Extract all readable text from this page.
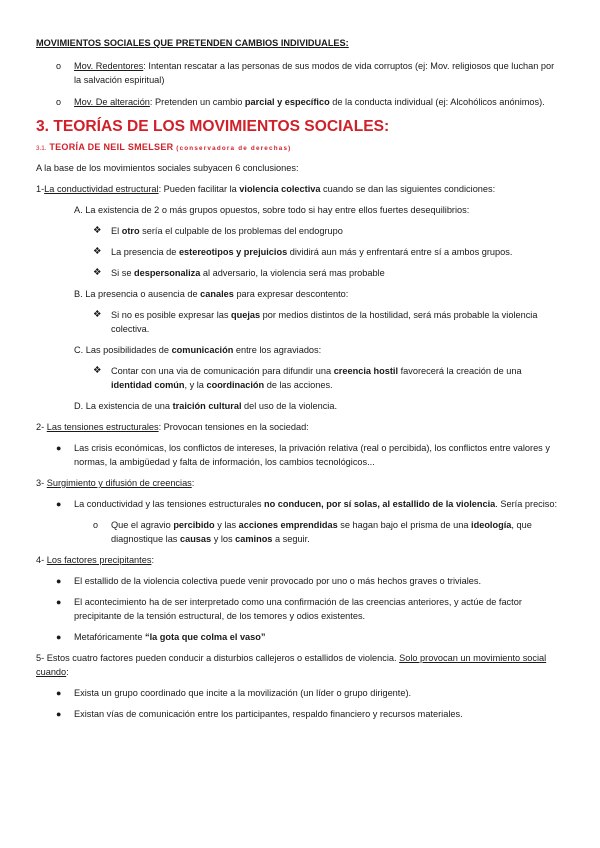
MOVIMIENTOS SOCIALES QUE PRETENDEN CAMBIOS INDIVIDUALES:

o Mov. Redentores: Intentan rescatar a las personas de sus modos de vida corruptos (ej: Mov. religiosos que luchan por la salvación espiritual)

o Mov. De alteración: Pretenden un cambio parcial y específico de la conducta individual (ej: Alcohólicos anónimos).

3. TEORÍAS DE LOS MOVIMIENTOS SOCIALES:

3.1. TEORÍA DE NEIL SMELSER (conservadora de derechas)

A la base de los movimientos sociales subyacen 6 conclusiones:

1-La conductividad estructural: Pueden facilitar la violencia colectiva cuando se dan las siguientes condiciones:

A. La existencia de 2 o más grupos opuestos, sobre todo si hay entre ellos fuertes desequilibrios:

❖ El otro sería el culpable de los problemas del endogrupo

❖ La presencia de estereotipos y prejuicios dividirá aun más y enfrentará entre sí a ambos grupos.

❖ Si se despersonaliza al adversario, la violencia será mas probable

B. La presencia o ausencia de canales para expresar descontento:

❖ Si no es posible expresar las quejas por medios distintos de la hostilidad, será más probable la violencia colectiva.

C. Las posibilidades de comunicación entre los agraviados:

❖ Contar con una via de comunicación para difundir una creencia hostil favorecerá la creación de una identidad común, y la coordinación de las acciones.

D. La existencia de una traición cultural del uso de la violencia.

2- Las tensiones estructurales: Provocan tensiones en la sociedad:

● Las crisis económicas, los conflictos de intereses, la privación relativa (real o percibida), los conflictos entre valores y normas, la ambigüedad y falta de información, los cambios tecnológicos...

3- Surgimiento y difusión de creencias:

● La conductividad y las tensiones estructurales no conducen, por sí solas, al estallido de la violencia. Sería preciso:

o Que el agravio percibido y las acciones emprendidas se hagan bajo el prisma de una ideología, que diagnostique las causas y los caminos a seguir.

4- Los factores precipitantes:

● El estallido de la violencia colectiva puede venir provocado por uno o más hechos graves o triviales.

● El acontecimiento ha de ser interpretado como una confirmación de las creencias anteriores, y actúe de factor precipitante de la tensión estructural, de los temores y odios existentes.

● Metafóricamente “la gota que colma el vaso”

5- Estos cuatro factores pueden conducir a disturbios callejeros o estallidos de violencia. Solo provocan un movimiento social cuando:

● Exista un grupo coordinado que incite a la movilización (un líder o grupo dirigente).

● Existan vías de comunicación entre los participantes, respaldo financiero y recursos materiales.
